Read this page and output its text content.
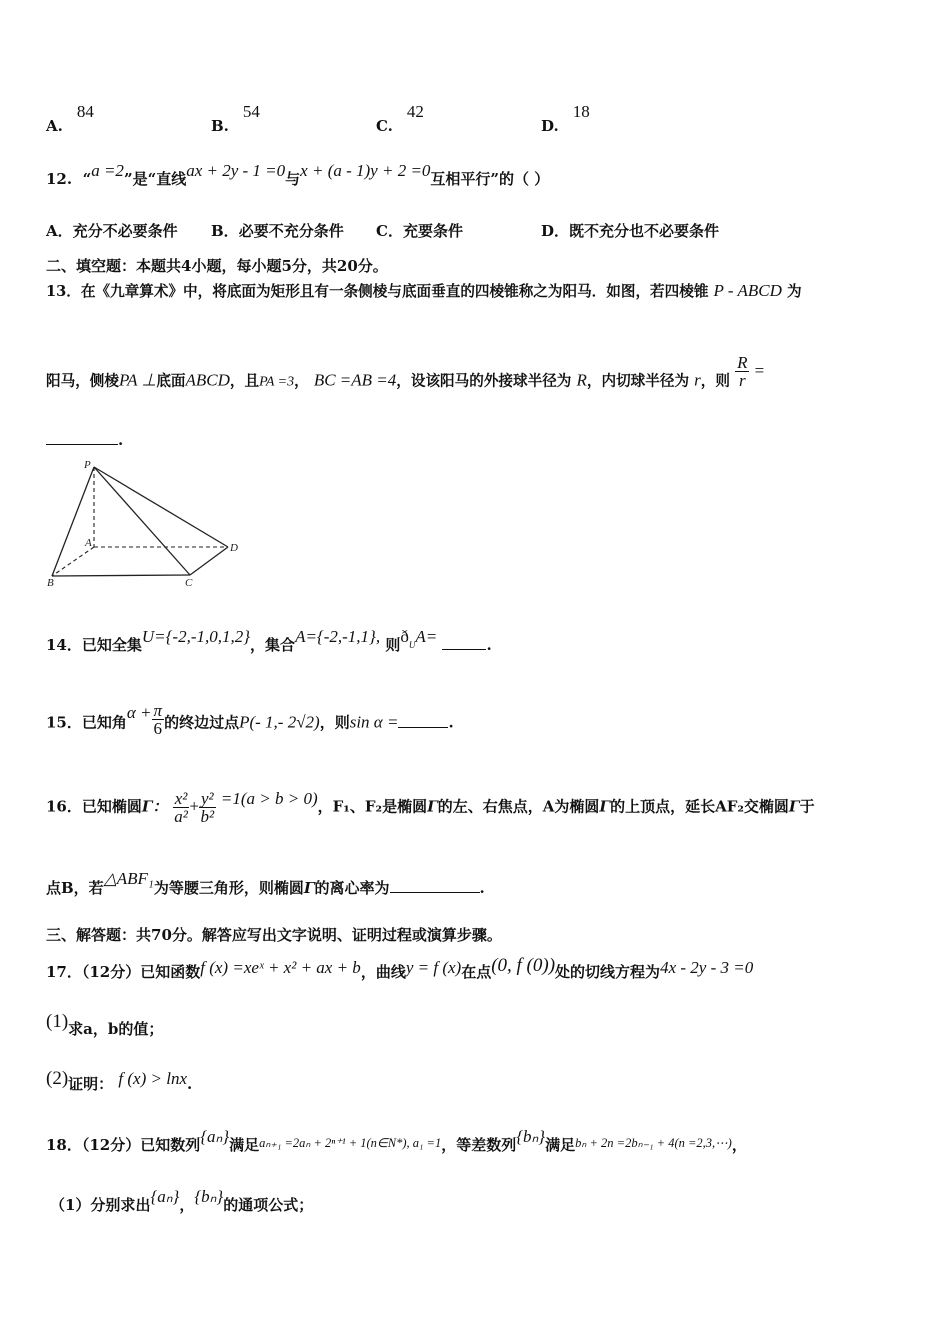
A.84
B.54
C.42
D.18
12. “a =2”是“直线ax + 2y - 1 =0与x + (a - 1)y + 2 =0互相平行”的（ ）
A．充分不必要条件 B．必要不充分条件 C．充要条件	D．既不充分也不必要条件
二、填空题：本题共4小题，每小题5分，共20分。
13．在《九章算术》中，将底面为矩形且有一条侧棱与底面垂直的四棱锥称之为阳马．如图，若四棱锥 P - ABCD 为
阳马，侧棱PA ⊥底面ABCD，且PA =3， BC =AB =4，设该阳马的外接球半径为 R，内切球半径为 r，则 $\frac{R}{r}$ =
.
P
A
B	C
D
14．已知全集U={-2,-1,0,1,2}，集合A={-2,-1,1}, 则ðUA=	.
15．已知角$\alpha + \frac{\pi}{6}$ 的终边过点P(- 1,- 2√2)，则sin α =	.
16．已知椭圆Γ： $\frac{\text{x²}}{\text{a²}} + \frac{\text{y²}}{\text{b²}} =1(a > b > 0)$，F₁、F₂是椭圆Γ的左、右焦点，A为椭圆Γ的上顶点，延长AF₂交椭圆Γ于
点B，若△ABF₁为等腰三角形，则椭圆Γ的离心率为	.
三、解答题：共70分。解答应写出文字说明、证明过程或演算步骤。
17．（12分）已知函数f (x) =xeˣ + x² + ax + b，曲线y = f (x)在点(0, f (0))处的切线方程为4x - 2y - 3 =0
(1)求a，b的值；
(2)证明： f (x) > lnx.
18．（12分）已知数列{aₙ}满足$^{a_{n+1} =2a_n + 2^{n+1} + 1(n\in N*), a_1 =1}$，等差数列{bₙ}满足$^{b_n + 2n =2b_{n-1} + 4(n =2,3,\cdots)}$，
（1）分别求出{aₙ}，{bₙ}的通项公式；
